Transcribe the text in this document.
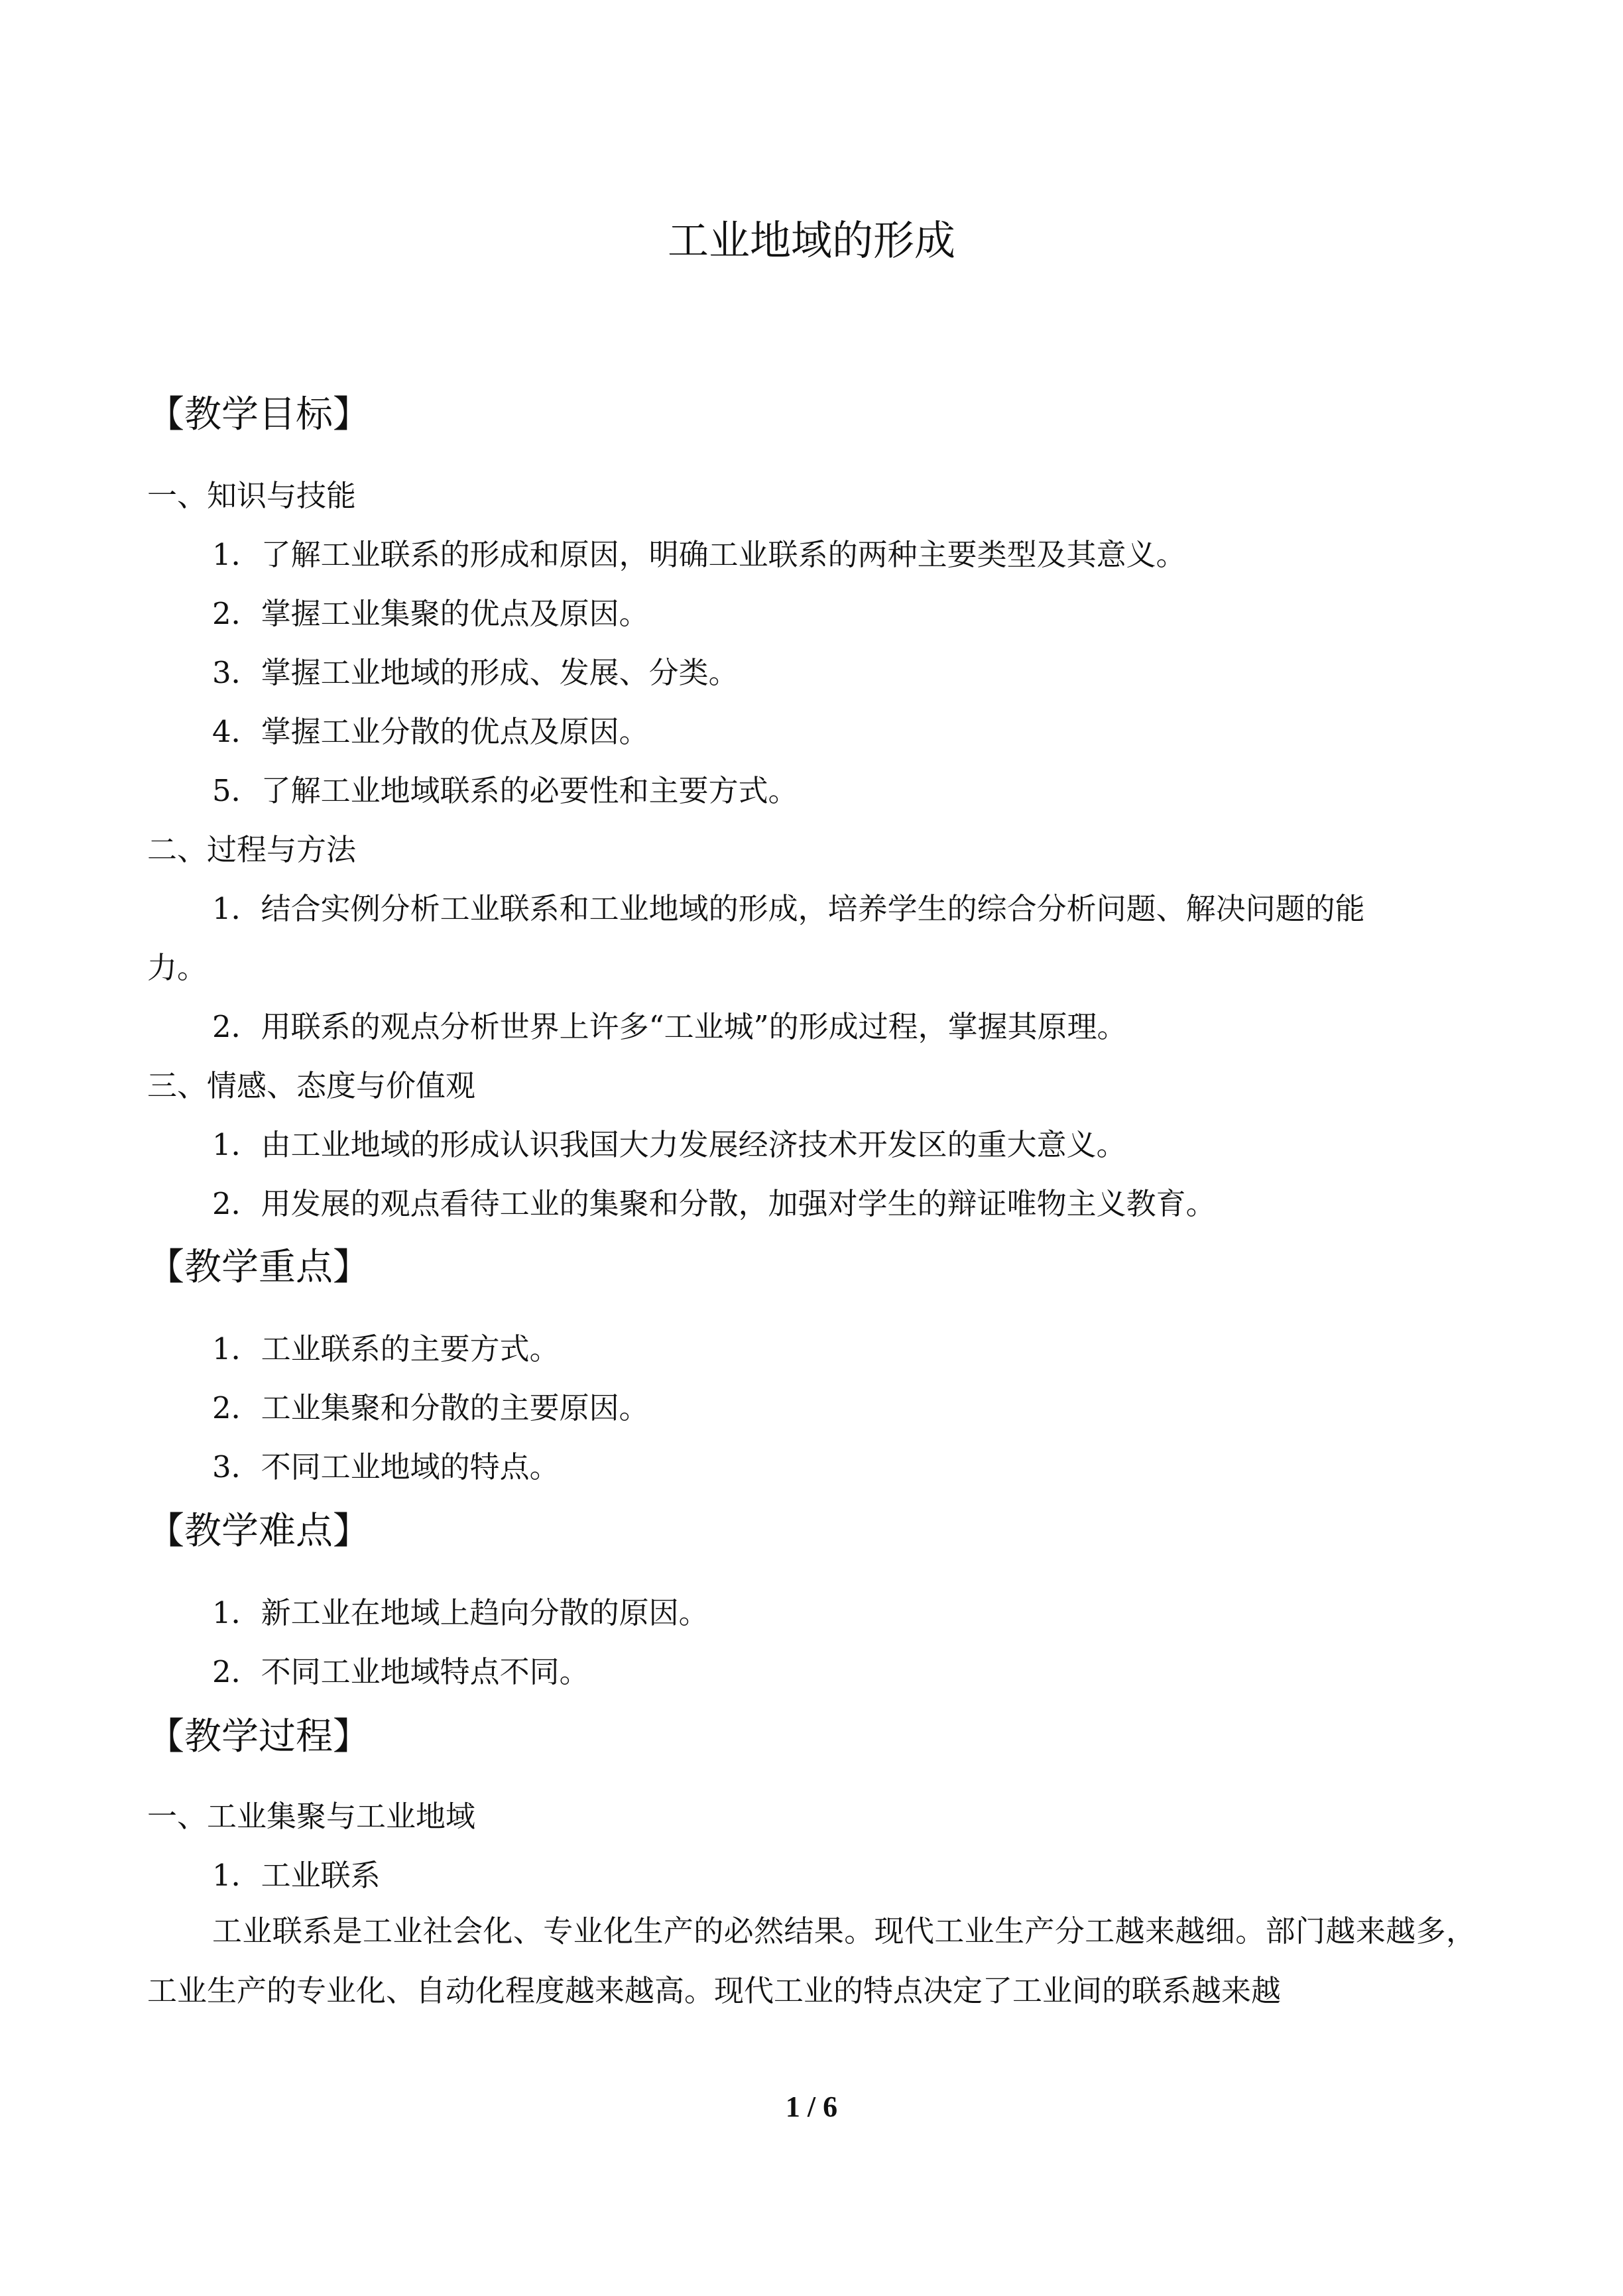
工业地域的形成
【教学目标】
一、知识与技能
1．了解工业联系的形成和原因，明确工业联系的两种主要类型及其意义。
2．掌握工业集聚的优点及原因。
3．掌握工业地域的形成、发展、分类。
4．掌握工业分散的优点及原因。
5．了解工业地域联系的必要性和主要方式。
二、过程与方法
1．结合实例分析工业联系和工业地域的形成，培养学生的综合分析问题、解决问题的能
力。
2．用联系的观点分析世界上许多“工业城”的形成过程，掌握其原理。
三、情感、态度与价值观
1．由工业地域的形成认识我国大力发展经济技术开发区的重大意义。
2．用发展的观点看待工业的集聚和分散，加强对学生的辩证唯物主义教育。
【教学重点】
1．工业联系的主要方式。
2．工业集聚和分散的主要原因。
3．不同工业地域的特点。
【教学难点】
1．新工业在地域上趋向分散的原因。
2．不同工业地域特点不同。
【教学过程】
一、工业集聚与工业地域
1．工业联系
工业联系是工业社会化、专业化生产的必然结果。现代工业生产分工越来越细。部门越来越多，工业生产的专业化、自动化程度越来越高。现代工业的特点决定了工业间的联系越来越
1 / 6
